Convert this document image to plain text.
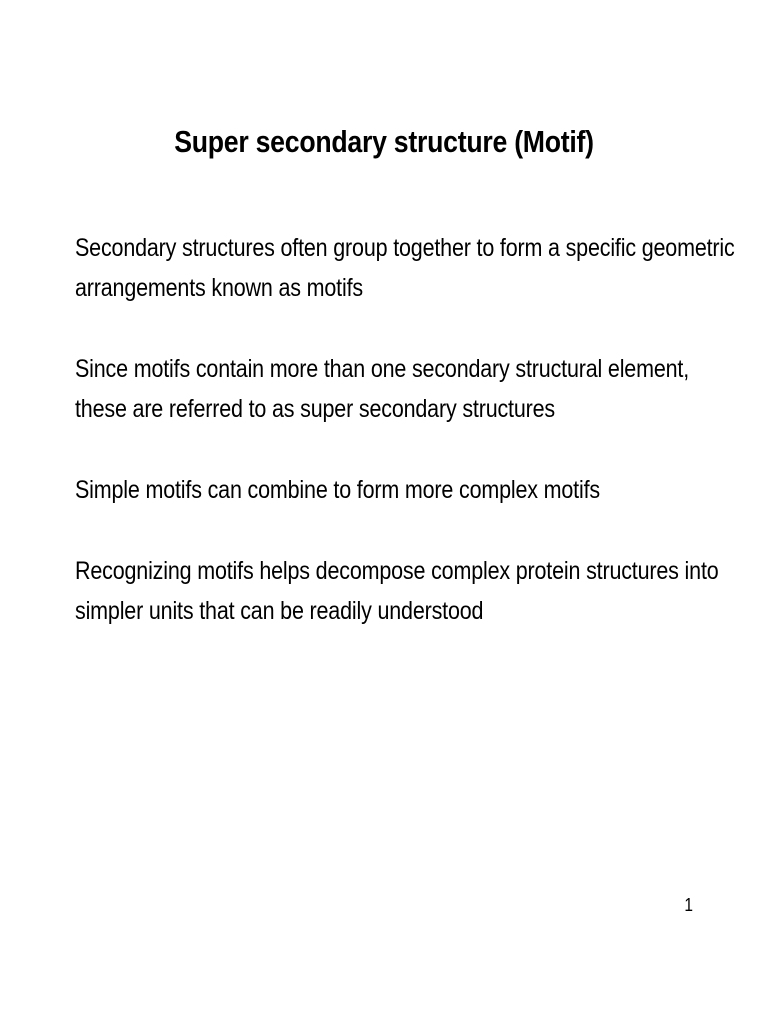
Super secondary structure (Motif)
Secondary structures often group together to form a specific geometric
arrangements known as motifs
Since motifs contain more than one secondary structural element,
these are referred to as super secondary structures
Simple motifs can combine to form more complex motifs
Recognizing motifs helps decompose complex protein structures into
simpler units that can be readily understood
1
